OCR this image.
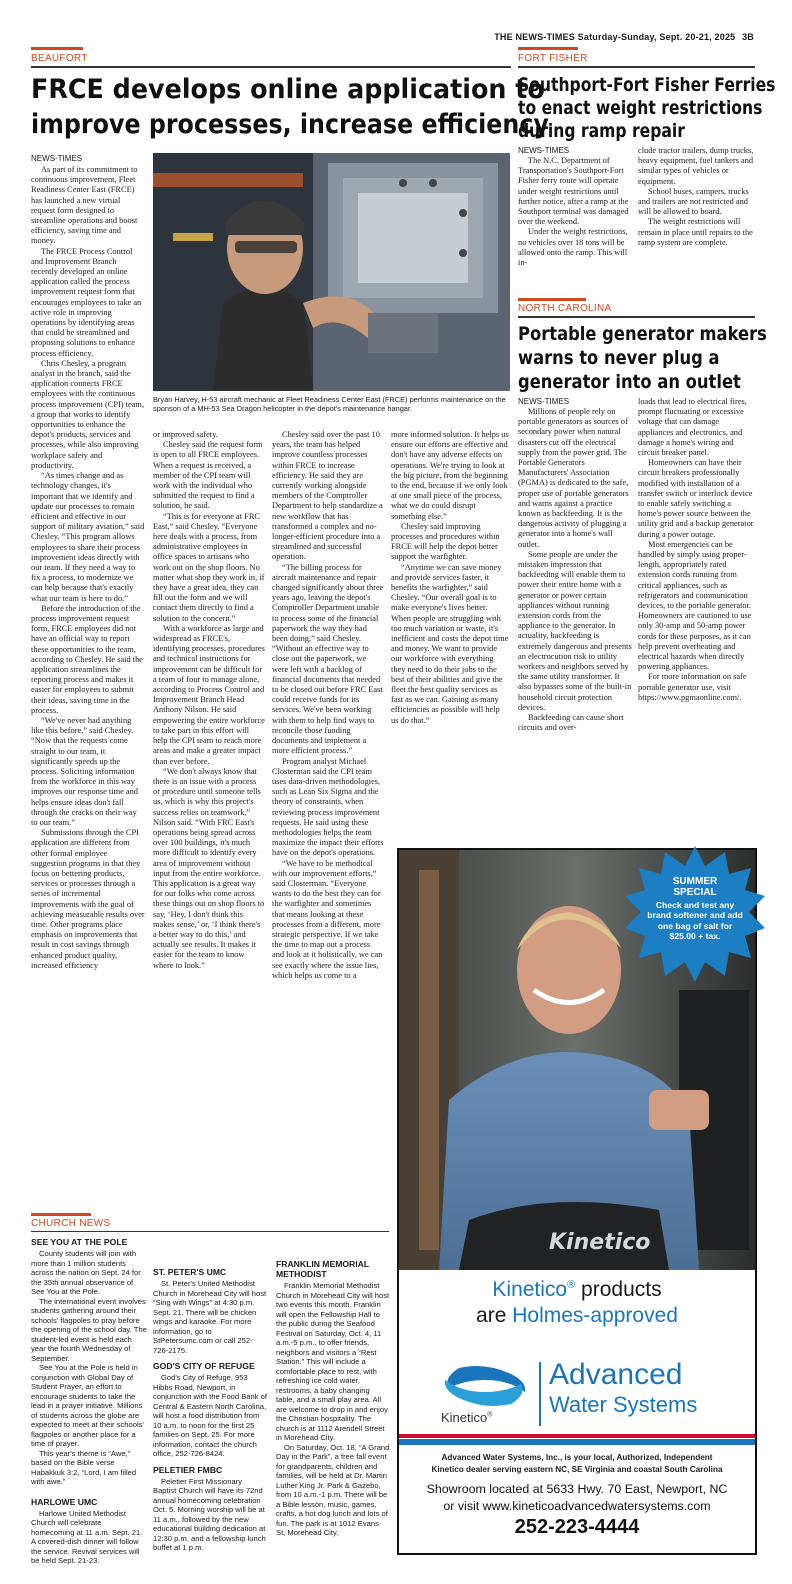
THE NEWS-TIMES Saturday-Sunday, Sept. 20-21, 2025 3B
BEAUFORT
FRCE develops online application to
improve processes, increase efficiency
NEWS-TIMES

As part of its commitment to continuous improvement, Fleet Readiness Center East (FRCE) has launched a new virtual request form designed to streamline operations and boost efficiency, saving time and money.

The FRCE Process Control and Improvement Branch recently developed an online application called the process improvement request form that encourages employees to take an active role in improving operations by identifying areas that could be streamlined and proposing solutions to enhance process efficiency.

Chris Chesley, a program analyst in the branch, said the application connects FRCE employees with the continuous process improvement (CPI) team, a group that works to identify opportunities to enhance the depot's products, services and processes, while also improving workplace safety and productivity.

“As times change and as technology changes, it's important that we identify and update our processes to remain efficient and effective in our support of military aviation,” said Chesley. “This program allows employees to share their process improvement ideas directly with our team. If they need a way to fix a process, to modernize we can help because that's exactly what our team is here to do.”

Before the introduction of the process improvement request form, FRCE employees did not have an official way to report these opportunities to the team, according to Chesley. He said the application streamlines the reporting process and makes it easier for employees to submit their ideas, saving time in the process.

“We've never had anything like this before,” said Chesley. “Now that the requests come straight to our team, it significantly speeds up the process. Soliciting information from the workforce in this way improves our response time and helps ensure ideas don't fall through the cracks on their way to our team.”

Submissions through the CPI application are different from other formal employee suggestion programs in that they focus on bettering products, services or processes through a series of incremental improvements with the goal of achieving measurable results over time. Other programs place emphasis on improvements that result in cost savings through enhanced product quality, increased efficiency

Bryan Harvey, H-53 aircraft mechanic at Fleet Readiness Center East (FRCE) performs maintenance on the sponson of a MH-53 Sea Dragon helicopter in the depot's maintenance hangar.

or improved safety.

Chesley said the request form is open to all FRCE employees. When a request is received, a member of the CPI team will work with the individual who submitted the request to find a solution, he said.

“This is for everyone at FRC East,” said Chesley. “Everyone here deals with a process, from administrative employees in office spaces to artisans who work out on the shop floors. No matter what shop they work in, if they have a great idea, they can fill out the form and we will contact them directly to find a solution to the concern.”

With a workforce as large and widespread as FRCE's, identifying processes, procedures and technical instructions for improvement can be difficult for a team of four to manage alone, according to Process Control and Improvement Branch Head Anthony Nilson. He said empowering the entire workforce to take part in this effort will help the CPI team to reach more areas and make a greater impact than ever before.

“We don't always know that there is an issue with a process or procedure until someone tells us, which is why this project's success relies on teamwork,” Nilson said. “With FRC East's operations being spread across over 100 buildings, it's much more difficult to identify every area of improvement without input from the entire workforce. This application is a great way for our folks who come across these things out on shop floors to say, ‘Hey, I don't think this makes sense,’ or, ‘I think there's a better way to do this,’ and actually see results. It makes it easier for the team to know where to look.”

Chesley said over the past 10 years, the team has helped improve countless processes within FRCE to increase efficiency. He said they are currently working alongside members of the Comptroller Department to help standardize a new workflow that has transformed a complex and no-longer-efficient procedure into a streamlined and successful operation.

“The billing process for aircraft maintenance and repair changed significantly about three years ago, leaving the depot's Comptroller Department unable to process some of the financial paperwork the way they had been doing,” said Chesley. “Without an effective way to close out the paperwork, we were left with a backlog of financial documents that needed to be closed out before FRC East could receive funds for its services. We've been working with them to help find ways to reconcile those funding documents and implement a more efficient process.”

Program analyst Michael Closterman said the CPI team uses data-driven methodologies, such as Lean Six Sigma and the theory of constraints, when reviewing process improvement requests. He said using these methodologies helps the team maximize the impact their efforts have on the depot's operations.

“We have to be methodical with our improvement efforts,” said Closterman. “Everyone wants to do the best they can for the warfighter and sometimes that means looking at these processes from a different, more strategic perspective. If we take the time to map out a process and look at it holistically, we can see exactly where the issue lies, which helps us come to a

more informed solution. It helps us ensure our efforts are effective and don't have any adverse effects on operations. We're trying to look at the big picture, from the beginning to the end, because if we only look at one small piece of the process, what we do could disrupt something else.”

Chesley said improving processes and procedures within FRCE will help the depot better support the warfighter.

“Anytime we can save money and provide services faster, it benefits the warfighter,” said Chesley. “Our overall goal is to make everyone's lives better. When people are struggling with too much variation or waste, it's inefficient and costs the depot time and money. We want to provide our workforce with everything they need to do their jobs to the best of their abilities and give the fleet the best quality services as fast as we can. Gaining as many efficiencies as possible will help us do that.”

FORT FISHER
Southport-Fort Fisher Ferries
to enact weight restrictions
during ramp repair
NEWS-TIMES

The N.C. Department of Transportation's Southport-Fort Fisher ferry route will operate under weight restrictions until further notice, after a ramp at the Southport terminal was damaged over the weekend.

Under the weight restrictions, no vehicles over 18 tons will be allowed onto the ramp. This will in-

clude tractor trailers, dump trucks, heavy equipment, fuel tankers and similar types of vehicles or equipment.

School buses, campers, trucks and trailers are not restricted and will be allowed to board.

The weight restrictions will remain in place until repairs to the ramp system are complete.

NORTH CAROLINA
Portable generator makers
warns to never plug a
generator into an outlet
NEWS-TIMES

Millions of people rely on portable generators as sources of secondary power when natural disasters cut off the electrical supply from the power grid. The Portable Generators Manufacturers' Association (PGMA) is dedicated to the safe, proper use of portable generators and warns against a practice known as backfeeding. It is the dangerous activity of plugging a generator into a home's wall outlet.

Some people are under the mistaken impression that backfeeding will enable them to power their entire home with a generator or power certain appliances without running extension cords from the appliance to the generator. In actuality, backfeeding is extremely dangerous and presents an electrocution risk to utility workers and neighbors served by the same utility transformer. It also bypasses some of the built-in household circuit protection devices.

Backfeeding can cause short circuits and over-

loads that lead to electrical fires, prompt fluctuating or excessive voltage that can damage appliances and electronics, and damage a home's wiring and circuit breaker panel.

Homeowners can have their circuit breakers professionally modified with installation of a transfer switch or interlock device to enable safely switching a home's power source between the utility grid and a backup generator during a power outage.

Most emergencies can be handled by simply using proper-length, appropriately rated extension cords running from critical appliances, such as refrigerators and communication devices, to the portable generator. Homeowners are cautioned to use only 30-amp and 50-amp power cords for these purposes, as it can help prevent overheating and electrical hazards when directly powering appliances.

For more information on safe portable generator use, visit https://www.pgmaonline.com/.

Kinetico
SUMMER SPECIAL
Check and test any brand softener and add one bag of salt for $25.00 + tax.
Kinetico® products
are Holmes-approved
Kinetico®
Advanced
Water Systems
Advanced Water Systems, Inc., is your local, Authorized, Independent
Kinetico dealer serving eastern NC, SE Virginia and coastal South Carolina
Showroom located at 5633 Hwy. 70 East, Newport, NC
or visit www.kineticoadvancedwatersystems.com
252-223-4444
CHURCH NEWS
SEE YOU AT THE POLE

County students will join with more than 1 million students across the nation on Sept. 24 for the 35th annual observance of See You at the Pole.

The international event involves students gathering around their schools' flagpoles to pray before the opening of the school day. The student-led event is held each year the fourth Wednesday of September.

See You at the Pole is held in conjunction with Global Day of Student Prayer, an effort to encourage students to take the lead in a prayer initiative. Millions of students across the globe are expected to meet at their schools' flagpoles or another place for a time of prayer.

This year's theme is “Awe,” based on the Bible verse Habakkuk 3:2, “Lord, I am filled with awe.”

HARLOWE UMC

Harlowe United Methodist Church will celebrate homecoming at 11 a.m. Sept. 21. A covered-dish dinner will follow the service. Revival services will be held Sept. 21-23.

ST. PETER'S UMC

St. Peter's United Methodist Church in Morehead City will host “Sing with Wings” at 4:30 p.m. Sept. 21. There will be chicken wings and karaoke. For more information, go to StPetersumc.com or call 252-726-2175.

GOD'S CITY OF REFUGE

God's City of Refuge, 953 Hibbs Road, Newport, in conjunction with the Food Bank of Central & Eastern North Carolina, will host a food distribution from 10 a.m. to noon for the first 25 families on Sept. 25. For more information, contact the church office, 252-726-8424.

PELETIER FMBC

Peletier First Missionary Baptist Church will have its 72nd annual homecoming celebration Oct. 5. Morning worship will be at 11 a.m., followed by the new educational building dedication at 12:30 p.m. and a fellowship lunch buffet at 1 p.m.

FRANKLIN MEMORIAL METHODIST

Franklin Memorial Methodist Church in Morehead City will host two events this month. Franklin will open the Fellowship Hall to the public during the Seafood Festival on Saturday, Oct. 4, 11 a.m.-5 p.m., to offer friends, neighbors and visitors a “Rest Station.” This will include a comfortable place to rest, with refreshing ice cold water, restrooms, a baby changing table, and a small play area. All are welcome to drop in and enjoy the Christian hospitality. The church is at 1112 Arendell Street in Morehead City.

On Saturday, Oct. 18, “A Grand Day in the Park”, a free fall event for grandparents, children and families, will be held at Dr. Martin Luther King Jr. Park & Gazebo, from 10 a.m.-1 p.m. There will be a Bible lesson, music, games, crafts, a hot dog lunch and lots of fun. The park is at 1012 Evans St, Morehead City.
